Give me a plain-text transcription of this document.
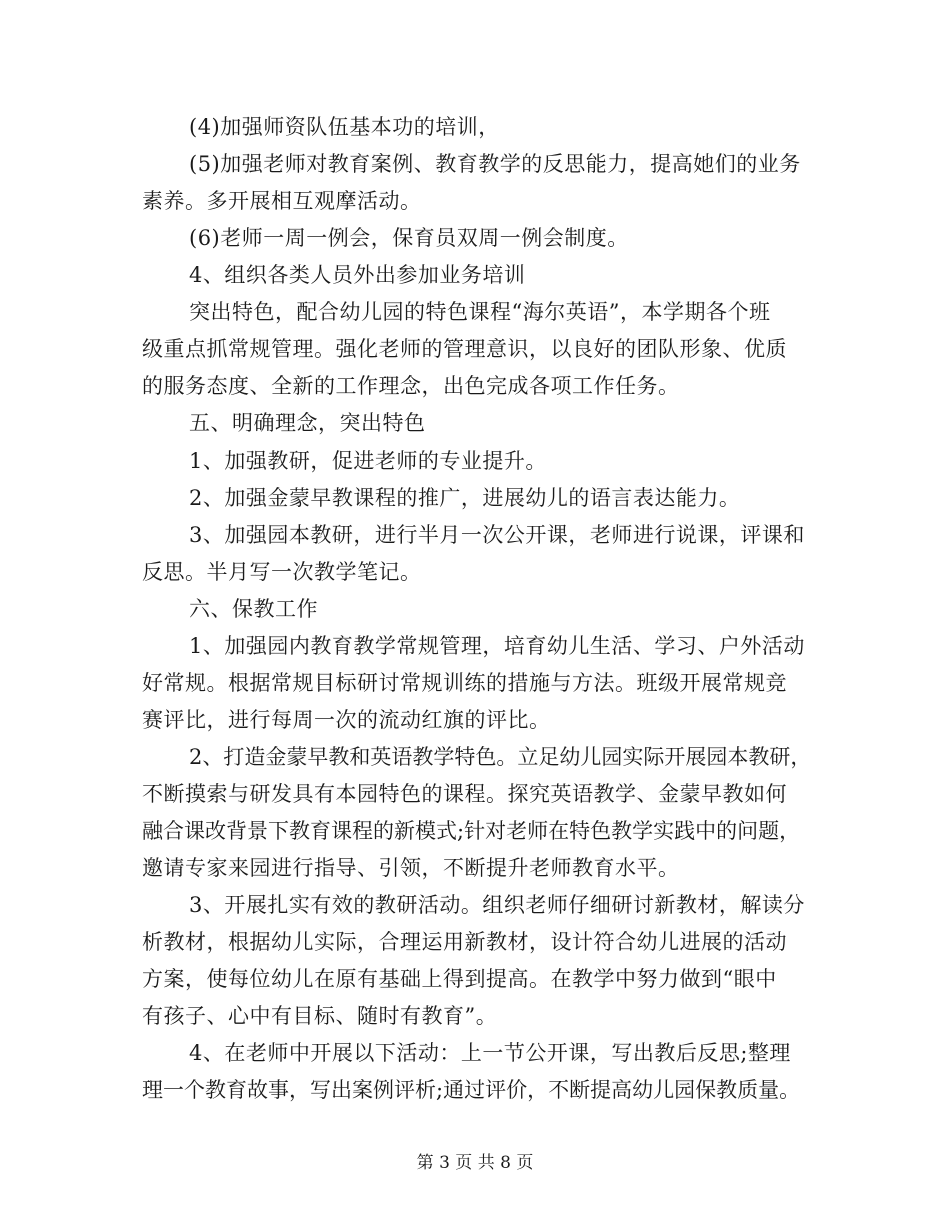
(4)加强师资队伍基本功的培训，
(5)加强老师对教育案例、教育教学的反思能力，提高她们的业务
素养。多开展相互观摩活动。
(6)老师一周一例会，保育员双周一例会制度。
4、组织各类人员外出参加业务培训
突出特色，配合幼儿园的特色课程“海尔英语”，本学期各个班
级重点抓常规管理。强化老师的管理意识，以良好的团队形象、优质
的服务态度、全新的工作理念，出色完成各项工作任务。
五、明确理念，突出特色
1、加强教研，促进老师的专业提升。
2、加强金蒙早教课程的推广，进展幼儿的语言表达能力。
3、加强园本教研，进行半月一次公开课，老师进行说课，评课和
反思。半月写一次教学笔记。
六、保教工作
1、加强园内教育教学常规管理，培育幼儿生活、学习、户外活动
好常规。根据常规目标研讨常规训练的措施与方法。班级开展常规竞
赛评比，进行每周一次的流动红旗的评比。
2、打造金蒙早教和英语教学特色。立足幼儿园实际开展园本教研，
不断摸索与研发具有本园特色的课程。探究英语教学、金蒙早教如何
融合课改背景下教育课程的新模式;针对老师在特色教学实践中的问题，
邀请专家来园进行指导、引领，不断提升老师教育水平。
3、开展扎实有效的教研活动。组织老师仔细研讨新教材，解读分
析教材，根据幼儿实际，合理运用新教材，设计符合幼儿进展的活动
方案，使每位幼儿在原有基础上得到提高。在教学中努力做到“眼中
有孩子、心中有目标、随时有教育”。
4、在老师中开展以下活动：上一节公开课，写出教后反思;整理
理一个教育故事，写出案例评析;通过评价，不断提高幼儿园保教质量。
第 3 页 共 8 页
